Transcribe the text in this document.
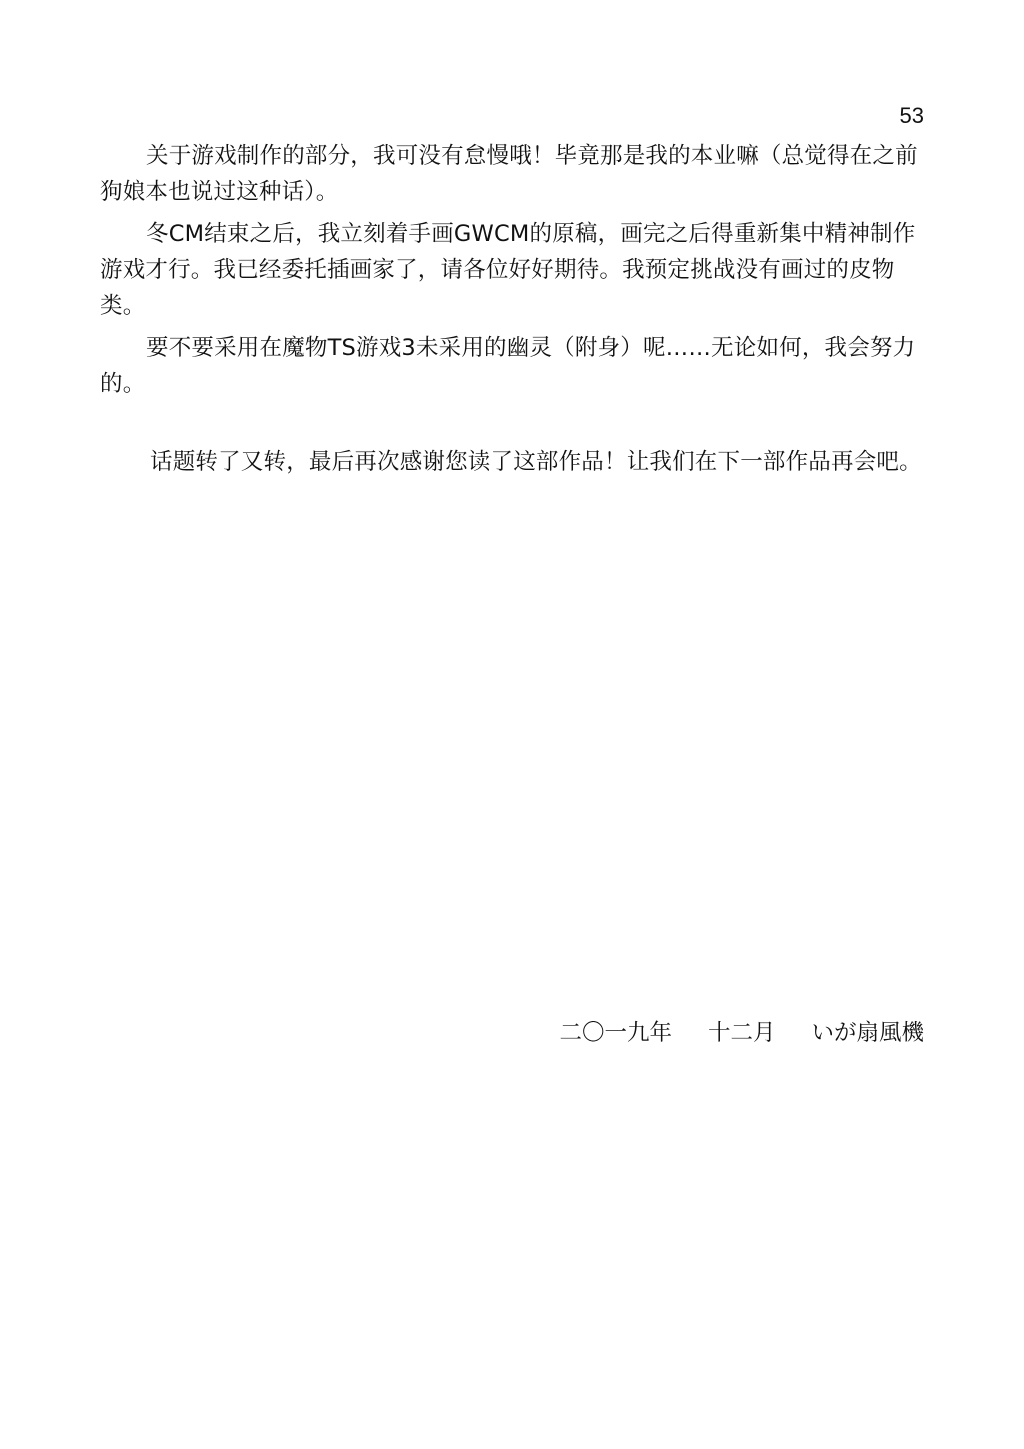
53

关于游戏制作的部分，我可没有怠慢哦！毕竟那是我的本业嘛（总觉得在之前狗娘本也说过这种话）。

冬CM结束之后，我立刻着手画GWCM的原稿，画完之后得重新集中精神制作游戏才行。我已经委托插画家了，请各位好好期待。我预定挑战没有画过的皮物类。

要不要采用在魔物TS游戏3未采用的幽灵（附身）呢……无论如何，我会努力的。

话题转了又转，最后再次感谢您读了这部作品！让我们在下一部作品再会吧。

二〇一九年 十二月 いが扇風機
